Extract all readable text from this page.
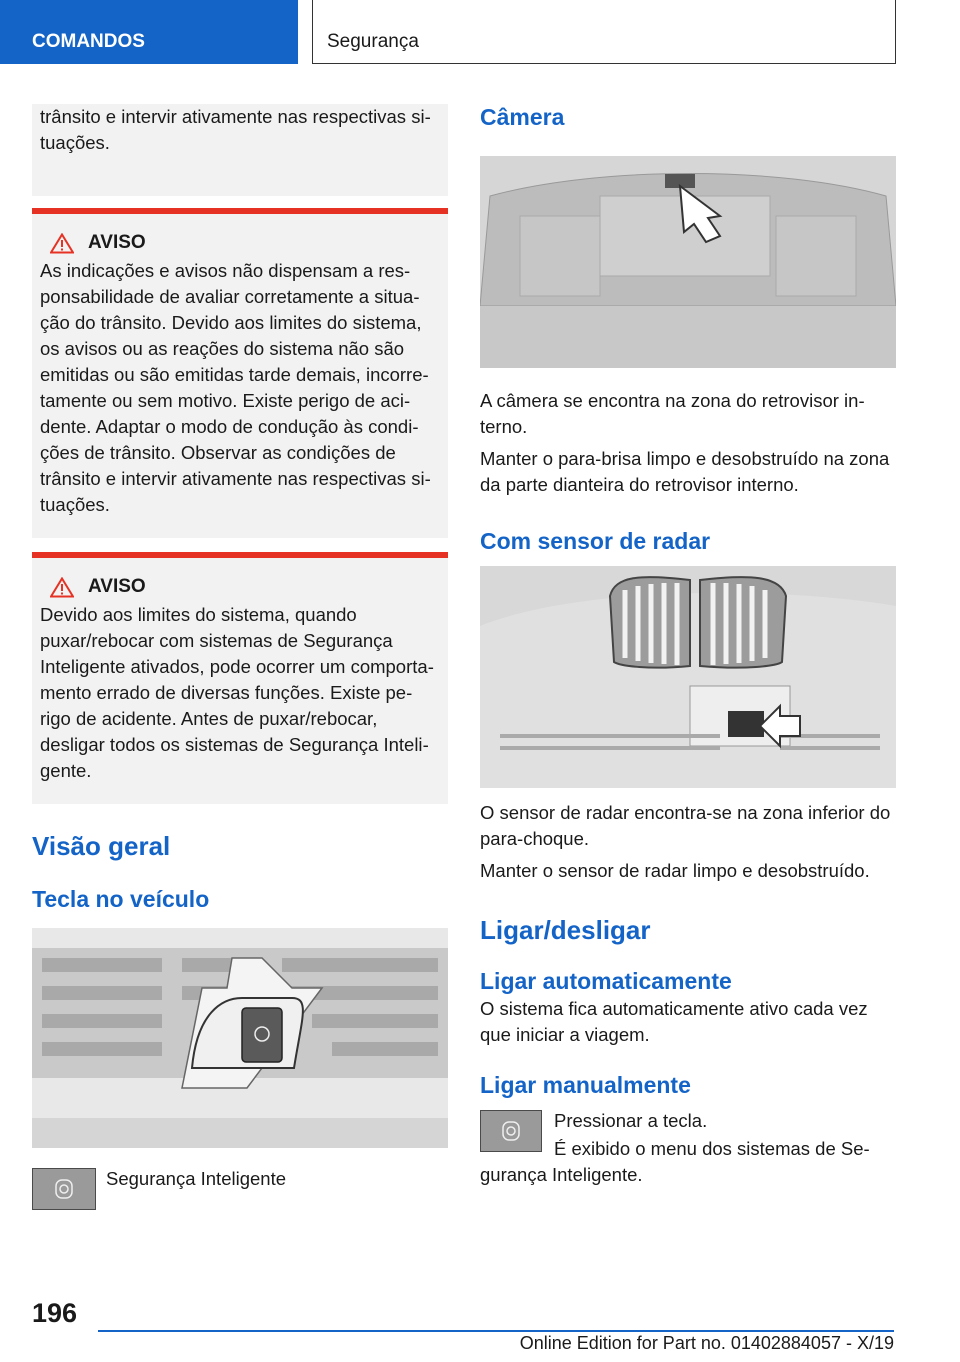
COMANDOS	Segurança

trânsito e intervir ativamente nas respectivas situações.

AVISO

As indicações e avisos não dispensam a responsabilidade de avaliar corretamente a situação do trânsito. Devido aos limites do sistema, os avisos ou as reações do sistema não são emitidas ou são emitidas tarde demais, incorretamente ou sem motivo. Existe perigo de acidente. Adaptar o modo de condução às condições de trânsito. Observar as condições de trânsito e intervir ativamente nas respectivas situações.

AVISO

Devido aos limites do sistema, quando puxar/rebocar com sistemas de Segurança Inteligente ativados, pode ocorrer um comportamento errado de diversas funções. Existe perigo de acidente. Antes de puxar/rebocar, desligar todos os sistemas de Segurança Inteligente.

Visão geral
Tecla no veículo

Segurança Inteligente

Câmera

A câmera se encontra na zona do retrovisor interno.

Manter o para-brisa limpo e desobstruído na zona da parte dianteira do retrovisor interno.

Com sensor de radar

O sensor de radar encontra-se na zona inferior do para-choque.

Manter o sensor de radar limpo e desobstruído.

Ligar/desligar
Ligar automaticamente

O sistema fica automaticamente ativo cada vez que iniciar a viagem.

Ligar manualmente

Pressionar a tecla.

É exibido o menu dos sistemas de Segurança Inteligente.

196
Online Edition for Part no. 01402884057 - X/19
